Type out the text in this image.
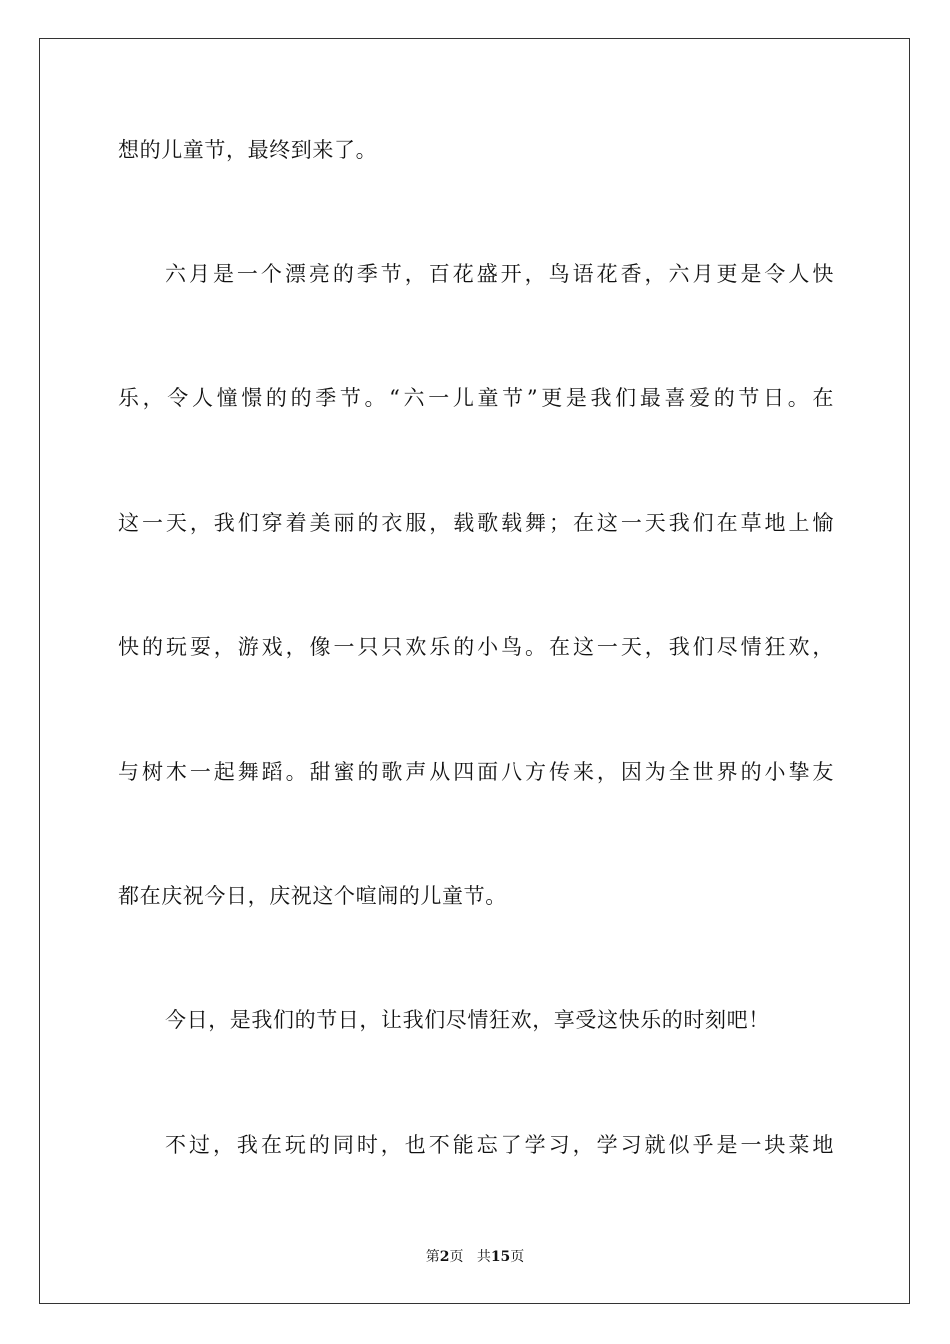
想的儿童节，最终到来了。
六月是一个漂亮的季节，百花盛开，鸟语花香，六月更是令人快
乐，令人憧憬的的季节。“六一儿童节”更是我们最喜爱的节日。在
这一天，我们穿着美丽的衣服，载歌载舞；在这一天我们在草地上愉
快的玩耍，游戏，像一只只欢乐的小鸟。在这一天，我们尽情狂欢，
与树木一起舞蹈。甜蜜的歌声从四面八方传来，因为全世界的小挚友
都在庆祝今日，庆祝这个喧闹的儿童节。
今日，是我们的节日，让我们尽情狂欢，享受这快乐的时刻吧！
不过，我在玩的同时，也不能忘了学习，学习就似乎是一块菜地
第2页 共15页
